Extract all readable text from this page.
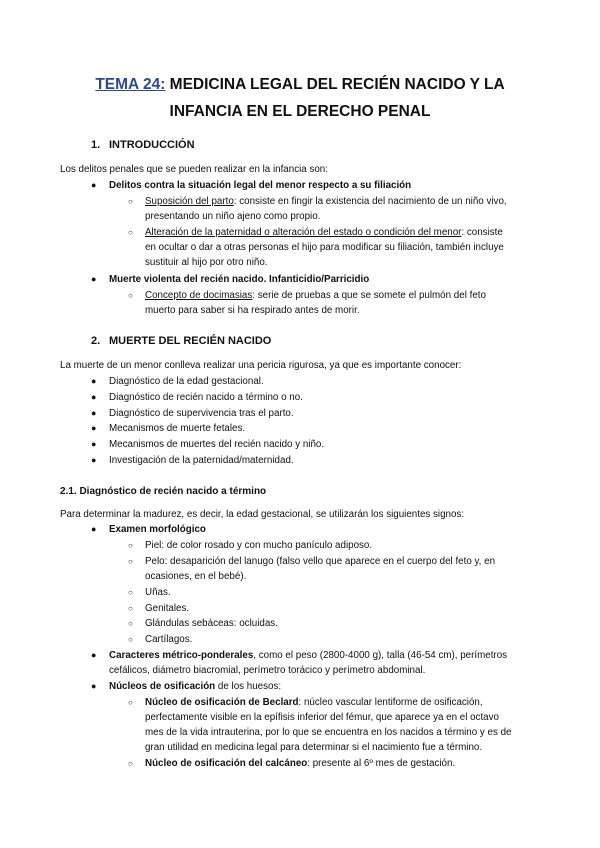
TEMA 24: MEDICINA LEGAL DEL RECIÉN NACIDO Y LA
INFANCIA EN EL DERECHO PENAL
1. INTRODUCCIÓN
Los delitos penales que se pueden realizar en la infancia son:
● Delitos contra la situación legal del menor respecto a su filiación
○ Suposición del parto: consiste en fingir la existencia del nacimiento de un niño vivo,
presentando un niño ajeno como propio.
○ Alteración de la paternidad o alteración del estado o condición del menor: consiste
en ocultar o dar a otras personas el hijo para modificar su filiación, también incluye
sustituir al hijo por otro niño.
● Muerte violenta del recién nacido. Infanticidio/Parricidio
○ Concepto de docimasias: serie de pruebas a que se somete el pulmón del feto
muerto para saber si ha respirado antes de morir.
2. MUERTE DEL RECIÉN NACIDO
La muerte de un menor conlleva realizar una pericia rigurosa, ya que es importante conocer:
● Diagnóstico de la edad gestacional.
● Diagnóstico de recién nacido a término o no.
● Diagnóstico de supervivencia tras el parto.
● Mecanismos de muerte fetales.
● Mecanismos de muertes del recién nacido y niño.
● Investigación de la paternidad/maternidad.
2.1. Diagnóstico de recién nacido a término
Para determinar la madurez, es decir, la edad gestacional, se utilizarán los siguientes signos:
● Examen morfológico
○ Piel: de color rosado y con mucho panículo adiposo.
○ Pelo: desaparición del lanugo (falso vello que aparece en el cuerpo del feto y, en
ocasiones, en el bebé).
○ Uñas.
○ Genitales.
○ Glándulas sebáceas: ocluidas.
○ Cartílagos.
● Caracteres métrico-ponderales, como el peso (2800-4000 g), talla (46-54 cm), perímetros
cefálicos, diámetro biacromial, perímetro torácico y perímetro abdominal.
● Núcleos de osificación de los huesos:
○ Núcleo de osificación de Beclard: núcleo vascular lentiforme de osificación,
perfectamente visible en la epífisis inferior del fémur, que aparece ya en el octavo
mes de la vida intrauterina, por lo que se encuentra en los nacidos a término y es de
gran utilidad en medicina legal para determinar si el nacimiento fue a término.
○ Núcleo de osificación del calcáneo: presente al 6º mes de gestación.
